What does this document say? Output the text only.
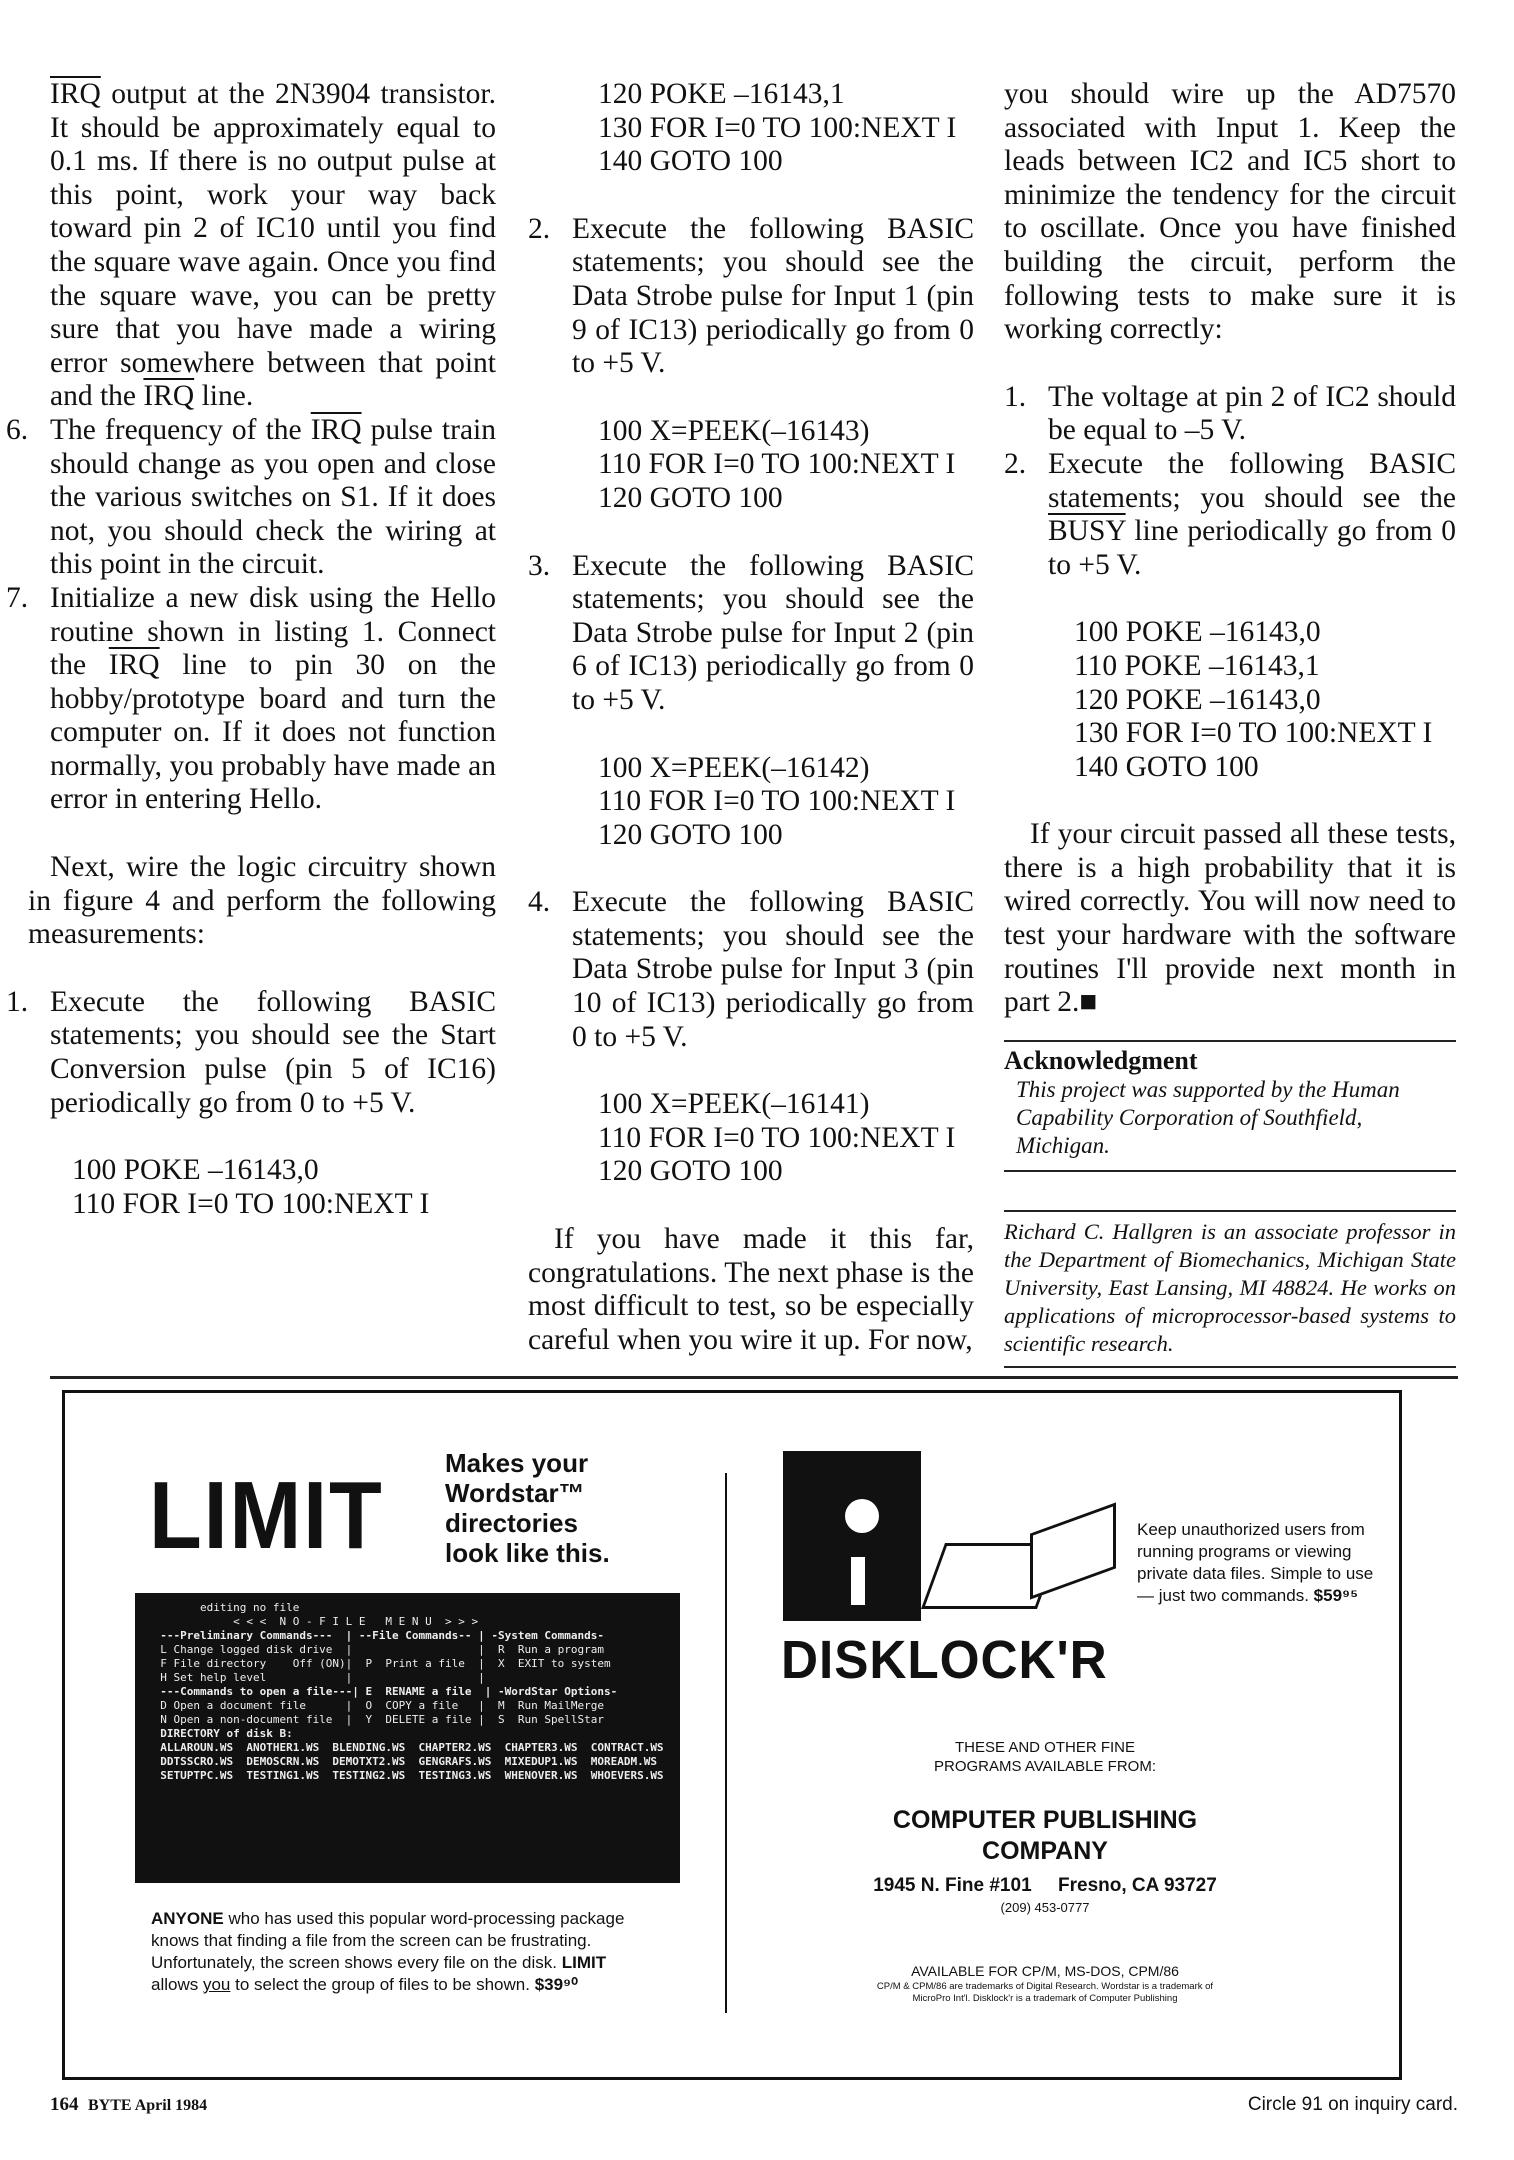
$\overline{IRQ}$ output at the 2N3904 transistor. It should be approximately equal to 0.1 ms. If there is no output pulse at this point, work your way back toward pin 2 of IC10 until you find the square wave again. Once you find the square wave, you can be pretty sure that you have made a wiring error somewhere between that point and the $\overline{IRQ}$ line.

6. The frequency of the $\overline{IRQ}$ pulse train should change as you open and close the various switches on S1. If it does not, you should check the wiring at this point in the circuit.

7. Initialize a new disk using the Hello routine shown in listing 1. Connect the $\overline{IRQ}$ line to pin 30 on the hobby/prototype board and turn the computer on. If it does not function normally, you probably have made an error in entering Hello.

Next, wire the logic circuitry shown in figure 4 and perform the following measurements:

1. Execute the following BASIC statements; you should see the Start Conversion pulse (pin 5 of IC16) periodically go from 0 to +5 V.

100 POKE –16143,0
110 FOR I=0 TO 100:NEXT I
120 POKE –16143,1
130 FOR I=0 TO 100:NEXT I
140 GOTO 100

2. Execute the following BASIC statements; you should see the Data Strobe pulse for Input 1 (pin 9 of IC13) periodically go from 0 to +5 V.

100 X=PEEK(–16143)
110 FOR I=0 TO 100:NEXT I
120 GOTO 100

3. Execute the following BASIC statements; you should see the Data Strobe pulse for Input 2 (pin 6 of IC13) periodically go from 0 to +5 V.

100 X=PEEK(–16142)
110 FOR I=0 TO 100:NEXT I
120 GOTO 100

4. Execute the following BASIC statements; you should see the Data Strobe pulse for Input 3 (pin 10 of IC13) periodically go from 0 to +5 V.

100 X=PEEK(–16141)
110 FOR I=0 TO 100:NEXT I
120 GOTO 100

If you have made it this far, congratulations. The next phase is the most difficult to test, so be especially careful when you wire it up. For now,

you should wire up the AD7570 associated with Input 1. Keep the leads between IC2 and IC5 short to minimize the tendency for the circuit to oscillate. Once you have finished building the circuit, perform the following tests to make sure it is working correctly:

1. The voltage at pin 2 of IC2 should be equal to –5 V.

2. Execute the following BASIC statements; you should see the BUSY line periodically go from 0 to +5 V.

100 POKE –16143,0
110 POKE –16143,1
120 POKE –16143,0
130 FOR I=0 TO 100:NEXT I
140 GOTO 100

If your circuit passed all these tests, there is a high probability that it is wired correctly. You will now need to test your hardware with the software routines I'll provide next month in part 2.■

Acknowledgment

This project was supported by the Human Capability Corporation of Southfield, Michigan.

Richard C. Hallgren is an associate professor in the Department of Biomechanics, Michigan State University, East Lansing, MI 48824. He works on applications of microprocessor-based systems to scientific research.

LIMIT Makes your
Wordstar™
directories
look like this.
editing no file
< < <  N O - F I L E   M E N U  > > >
---Preliminary Commands---  | --File Commands-- | -System Commands-
L Change logged disk drive  |                   |  R  Run a program
F File directory    Off (ON)|  P  Print a file  |  X  EXIT to system
H Set help level            |                   |
---Commands to open a file---| E  RENAME a file  | -WordStar Options-
D Open a document file      |  O  COPY a file   |  M  Run MailMerge
N Open a non-document file  |  Y  DELETE a file |  S  Run SpellStar
DIRECTORY of disk B:
ALLAROUN.WS  ANOTHER1.WS  BLENDING.WS  CHAPTER2.WS  CHAPTER3.WS  CONTRACT.WS
DDTSSCRO.WS  DEMOSCRN.WS  DEMOTXT2.WS  GENGRAFS.WS  MIXEDUP1.WS  MOREADM.WS
SETUPTPC.WS  TESTING1.WS  TESTING2.WS  TESTING3.WS  WHENOVER.WS  WHOEVERS.WS
ANYONE who has used this popular word-processing package knows that finding a file from the screen can be frustrating. Unfortunately, the screen shows every file on the disk. LIMIT allows you to select the group of files to be shown. $39⁹⁰
DISKLOCK'R
Keep unauthorized users from running programs or viewing private data files. Simple to use — just two commands. $59⁹⁵
THESE AND OTHER FINE
PROGRAMS AVAILABLE FROM:
COMPUTER PUBLISHING
COMPANY
1945 N. Fine #101     Fresno, CA 93727
(209) 453-0777
AVAILABLE FOR CP/M, MS-DOS, CPM/86
CP/M & CPM/86 are trademarks of Digital Research. Wordstar is a trademark of MicroPro Int'l. Disklock'r is a trademark of Computer Publishing
164 BYTE April 1984	Circle 91 on inquiry card.
